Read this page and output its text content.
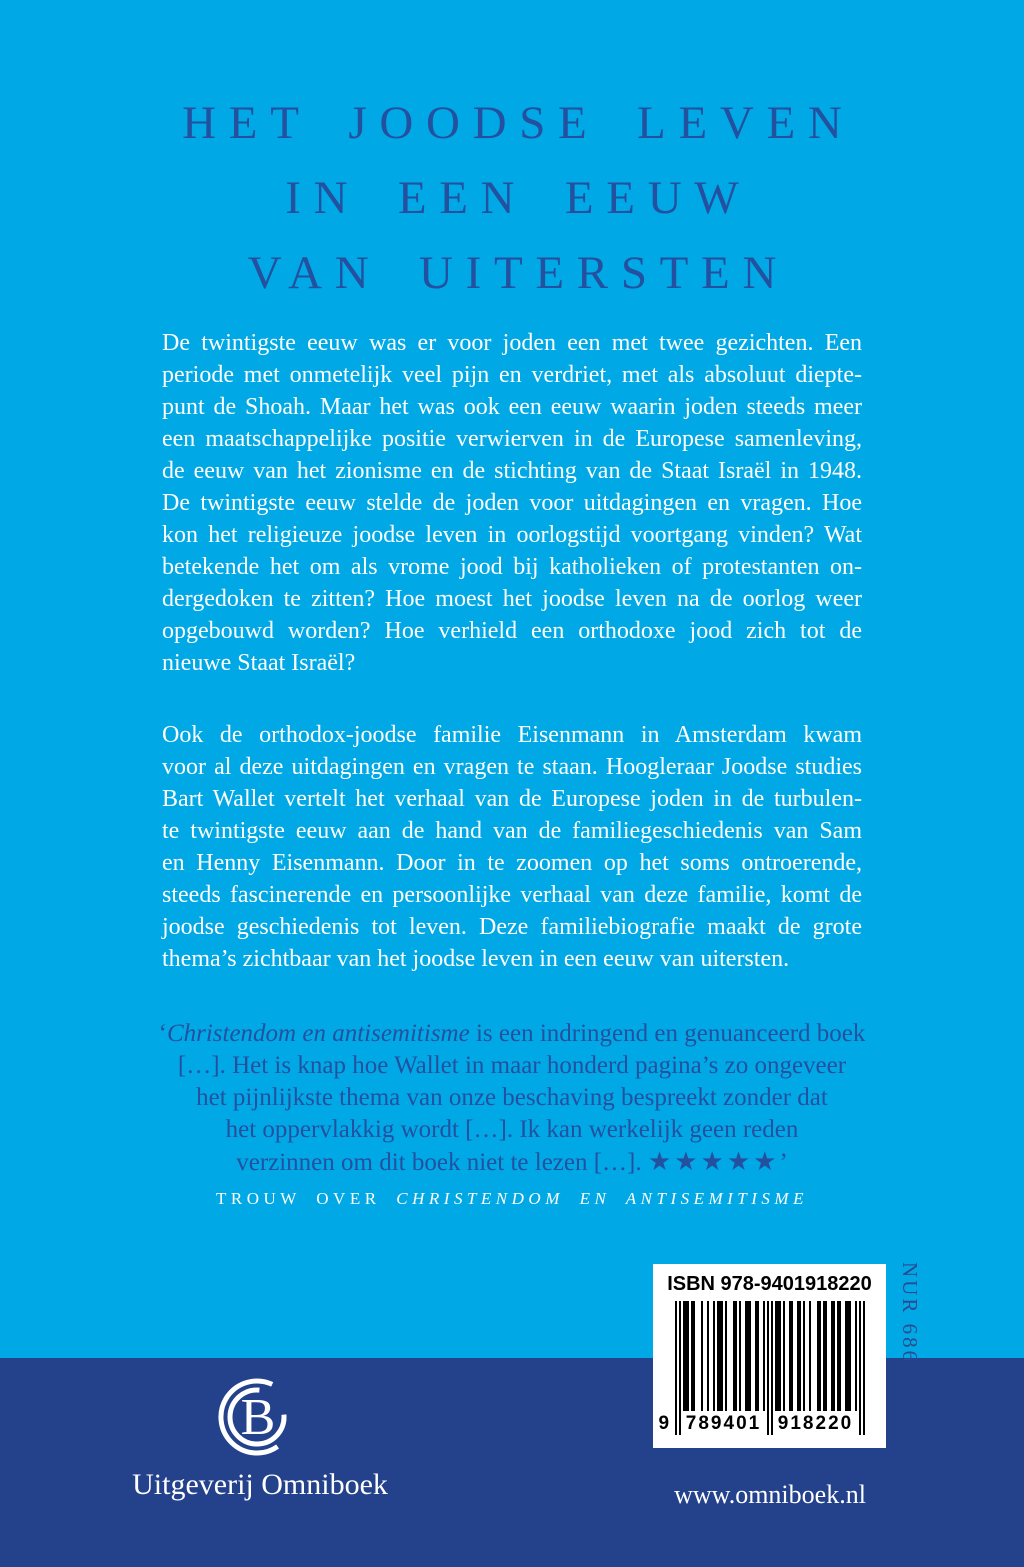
HET JOODSE LEVEN
IN EEN EEUW
VAN UITERSTEN
De twintigste eeuw was er voor joden een met twee gezichten. Een
periode met onmetelijk veel pijn en verdriet, met als absoluut diepte-
punt de Shoah. Maar het was ook een eeuw waarin joden steeds meer
een maatschappelijke positie verwierven in de Europese samenleving,
de eeuw van het zionisme en de stichting van de Staat Israël in 1948.
De twintigste eeuw stelde de joden voor uitdagingen en vragen. Hoe
kon het religieuze joodse leven in oorlogstijd voortgang vinden? Wat
betekende het om als vrome jood bij katholieken of protestanten on-
dergedoken te zitten? Hoe moest het joodse leven na de oorlog weer
opgebouwd worden? Hoe verhield een orthodoxe jood zich tot de
nieuwe Staat Israël?
Ook de orthodox-joodse familie Eisenmann in Amsterdam kwam
voor al deze uitdagingen en vragen te staan. Hoogleraar Joodse studies
Bart Wallet vertelt het verhaal van de Europese joden in de turbulen-
te twintigste eeuw aan de hand van de familiegeschiedenis van Sam
en Henny Eisenmann. Door in te zoomen op het soms ontroerende,
steeds fascinerende en persoonlijke verhaal van deze familie, komt de
joodse geschiedenis tot leven. Deze familiebiografie maakt de grote
thema’s zichtbaar van het joodse leven in een eeuw van uitersten.
‘Christendom en antisemitisme is een indringend en genuanceerd boek
[…]. Het is knap hoe Wallet in maar honderd pagina’s zo ongeveer
het pijnlijkste thema van onze beschaving bespreekt zonder dat
het oppervlakkig wordt […]. Ik kan werkelijk geen reden
verzinnen om dit boek niet te lezen […]. ★★★★★’
TROUW OVER CHRISTENDOM EN ANTISEMITISME
ISBN 978-9401918220
9 789401 918220
NUR 686
B
Uitgeverij Omniboek	www.omniboek.nl
